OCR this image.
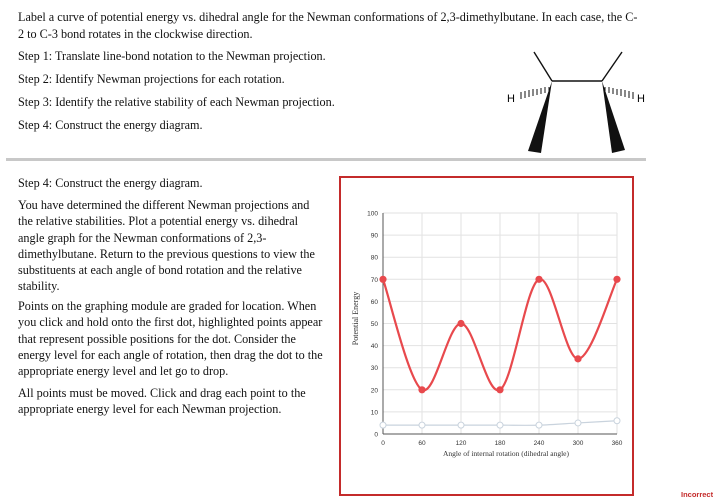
Label a curve of potential energy vs. dihedral angle for the Newman conformations of 2,3-dimethylbutane. In each case, the C-2 to C-3 bond rotates in the clockwise direction.

Step 1: Translate line-bond notation to the Newman projection.

Step 2: Identify Newman projections for each rotation.

Step 3: Identify the relative stability of each Newman projection.

Step 4: Construct the energy diagram.

H	H

Step 4: Construct the energy diagram.

You have determined the different Newman projections and the relative stabilities. Plot a potential energy vs. dihedral angle graph for the Newman conformations of 2,3-dimethylbutane. Return to the previous questions to view the substituents at each angle of bond rotation and the relative stability.

Points on the graphing module are graded for location. When you click and hold onto the first dot, highlighted points appear that represent possible positions for the dot. Consider the energy level for each angle of rotation, then drag the dot to the appropriate energy level and let go to drop.

All points must be moved. Click and drag each point to the appropriate energy level for each Newman projection.

0
10
20
30
40
50
60
70
80
90
100
0	60	120	180	240	300	360
Angle of internal rotation (dihedral angle)
Potential Energy
Incorrect
